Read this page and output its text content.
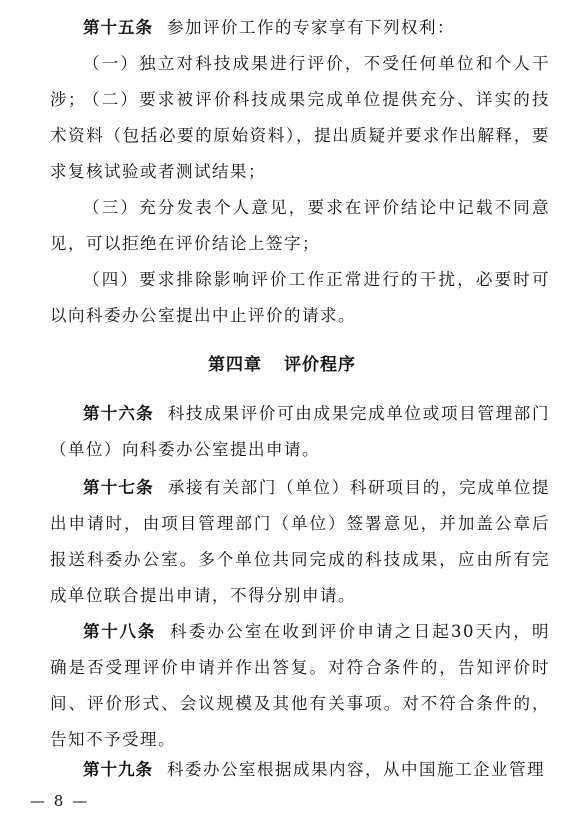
第十五条 参加评价工作的专家享有下列权利：

（一）独立对科技成果进行评价，不受任何单位和个人干涉；

（二）要求被评价科技成果完成单位提供充分、详实的技术资料（包括必要的原始资料），提出质疑并要求作出解释，要求复核试验或者测试结果；

（三）充分发表个人意见，要求在评价结论中记载不同意见，可以拒绝在评价结论上签字；

（四）要求排除影响评价工作正常进行的干扰，必要时可以向科委办公室提出中止评价的请求。

第四章 评价程序

第十六条 科技成果评价可由成果完成单位或项目管理部门（单位）向科委办公室提出申请。

第十七条 承接有关部门（单位）科研项目的，完成单位提出申请时，由项目管理部门（单位）签署意见，并加盖公章后报送科委办公室。多个单位共同完成的科技成果，应由所有完成单位联合提出申请，不得分别申请。

第十八条 科委办公室在收到评价申请之日起30天内，明确是否受理评价申请并作出答复。对符合条件的，告知评价时间、评价形式、会议规模及其他有关事项。对不符合条件的，告知不予受理。

第十九条 科委办公室根据成果内容，从中国施工企业管理

— 8 —
